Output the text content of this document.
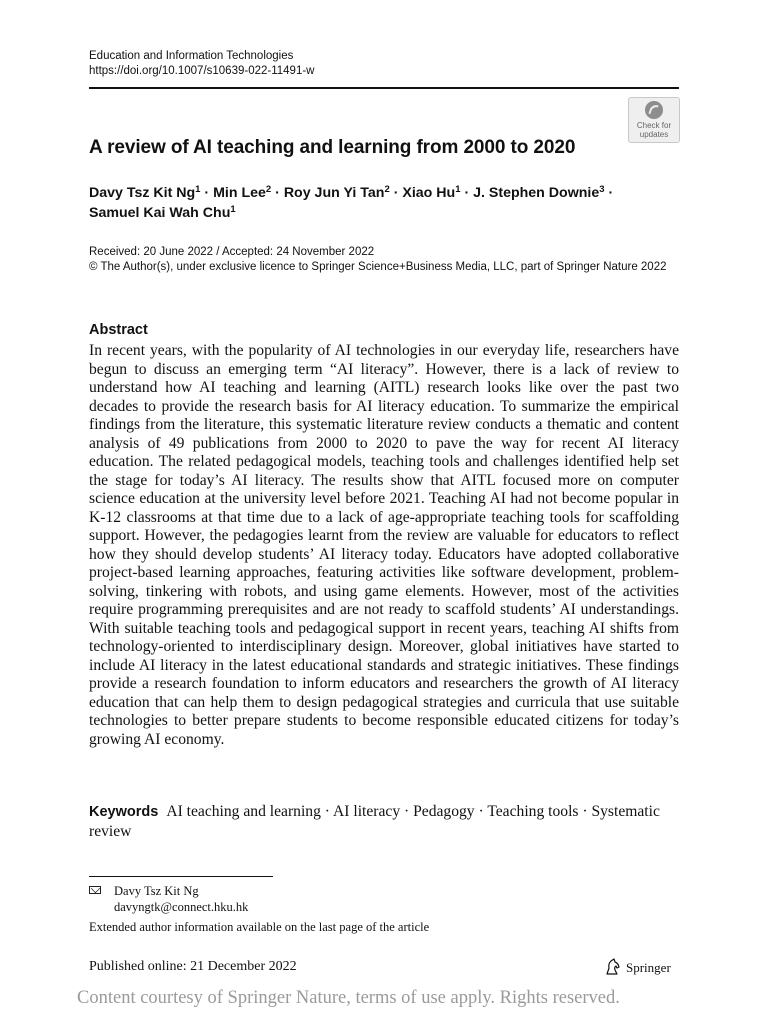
Education and Information Technologies
https://doi.org/10.1007/s10639-022-11491-w
Check for
updates
A review of AI teaching and learning from 2000 to 2020
Davy Tsz Kit $Ng^1$ · Min Lee$^2$ · Roy Jun Yi Tan$^2$ · Xiao $Hu^1 \cdot J$. Stephen Downie$^3$ ·
Samuel Kai Wah Chu$^1$
Received: 20 June 2022 / Accepted: 24 November 2022
© The Author(s), under exclusive licence to Springer Science+Business Media, LLC, part of Springer Nature 2022
Abstract
In recent years, with the popularity of AI technologies in our everyday life, researchers have begun to discuss an emerging term “AI literacy”. However, there is a lack of review to understand how AI teaching and learning (AITL) research looks like over the past two decades to provide the research basis for AI literacy education. To summarize the empirical findings from the literature, this systematic literature review conducts a thematic and content analysis of 49 publications from 2000 to 2020 to pave the way for recent AI literacy education. The related pedagogical models, teaching tools and challenges identified help set the stage for today’s AI literacy. The results show that AITL focused more on computer science education at the university level before 2021. Teaching AI had not become popular in K-12 classrooms at that time due to a lack of age-appropriate teaching tools for scaffolding support. However, the pedagogies learnt from the review are valuable for educators to reflect how they should develop students’ AI literacy today. Educators have adopted collaborative project-based learning approaches, featuring activities like software development, problem-solving, tinkering with robots, and using game elements. However, most of the activities require programming prerequisites and are not ready to scaffold students’ AI understandings. With suitable teaching tools and pedagogical support in recent years, teaching AI shifts from technology-oriented to interdisciplinary design. Moreover, global initiatives have started to include AI literacy in the latest educational standards and strategic initiatives. These findings provide a research foundation to inform educators and researchers the growth of AI literacy education that can help them to design pedagogical strategies and curricula that use suitable technologies to better prepare students to become responsible educated citizens for today’s growing AI economy.
Keywords AI teaching and learning · AI literacy · Pedagogy · Teaching tools · Systematic review
Davy Tsz Kit Ng
davyngtk@connect.hku.hk
Extended author information available on the last page of the article
Published online: 21 December 2022	Springer
Content courtesy of Springer Nature, terms of use apply. Rights reserved.
